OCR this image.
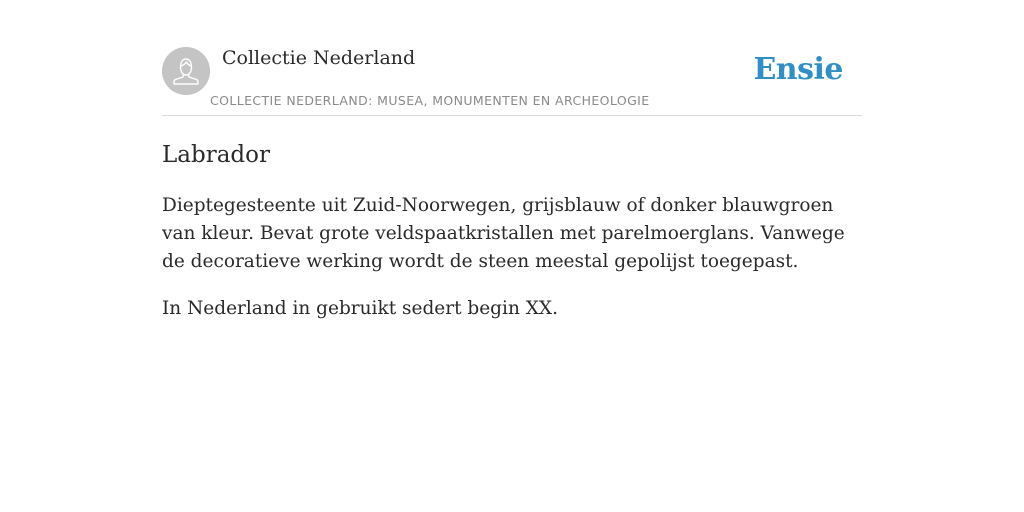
Collectie Nederland
COLLECTIE NEDERLAND: MUSEA, MONUMENTEN EN ARCHEOLOGIE
Ensie
Labrador

Dieptegesteente uit Zuid-Noorwegen, grijsblauw of donker blauwgroen van kleur. Bevat grote veldspaatkristallen met parelmoerglans. Vanwege de decoratieve werking wordt de steen meestal gepolijst toegepast.

In Nederland in gebruikt sedert begin XX.
